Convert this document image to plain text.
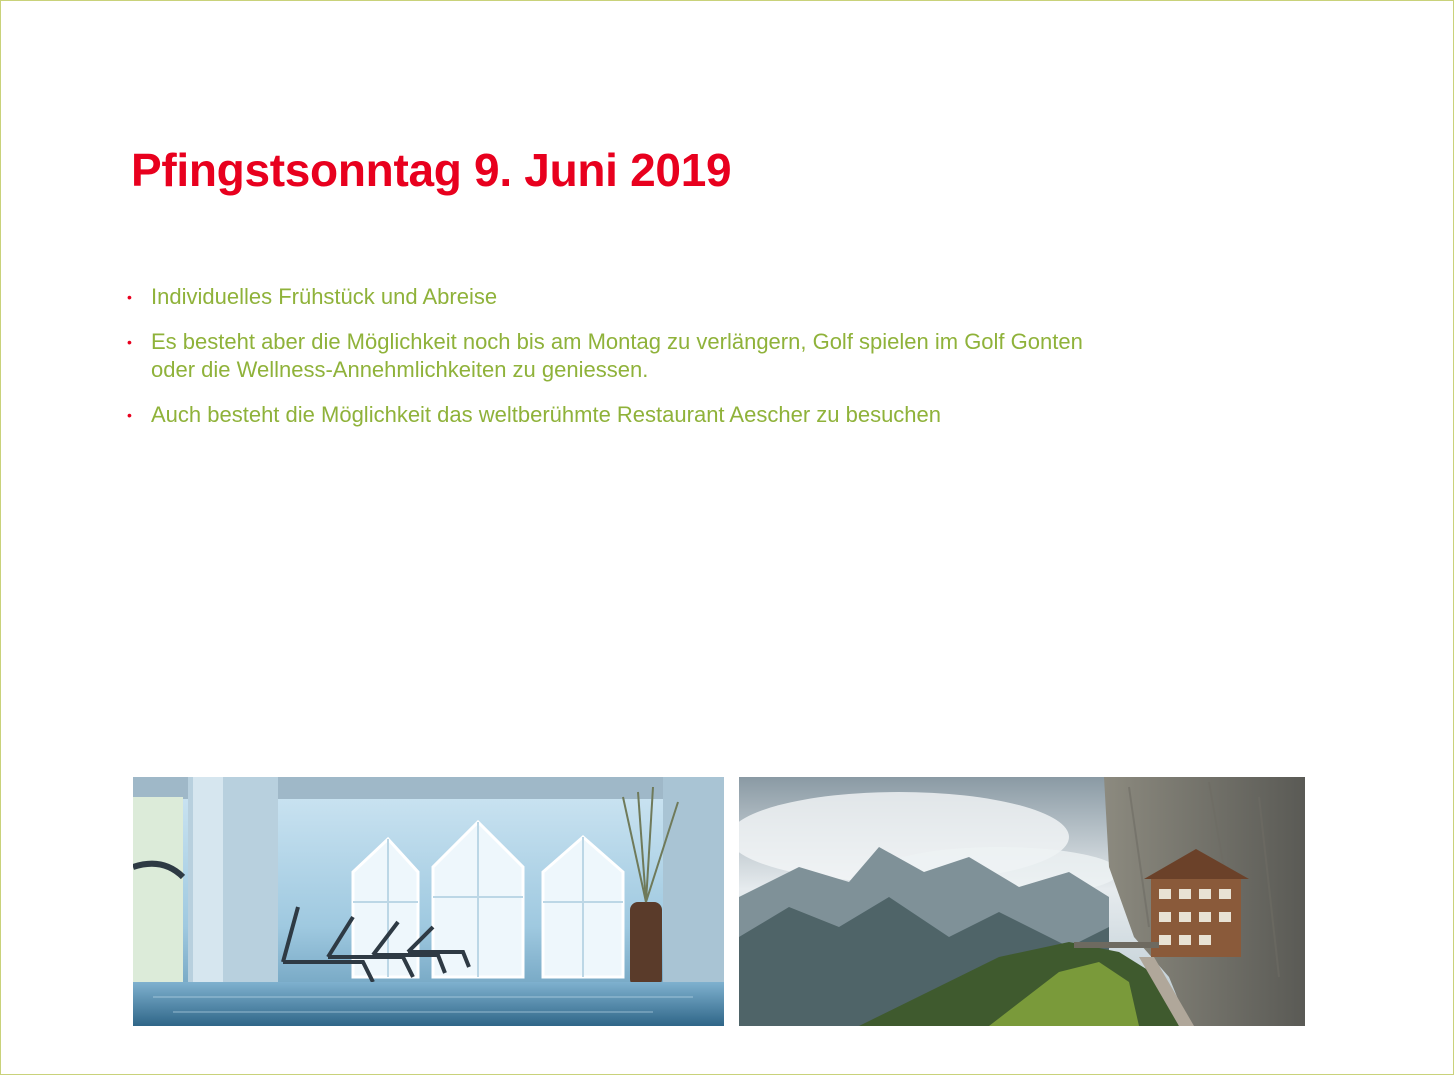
Pfingstsonntag 9. Juni 2019
• Individuelles Frühstück und Abreise
• Es besteht aber die Möglichkeit noch bis am Montag zu verlängern, Golf spielen im Golf Gonten oder die Wellness-Annehmlichkeiten zu geniessen.
• Auch besteht die Möglichkeit das weltberühmte Restaurant Aescher zu besuchen
